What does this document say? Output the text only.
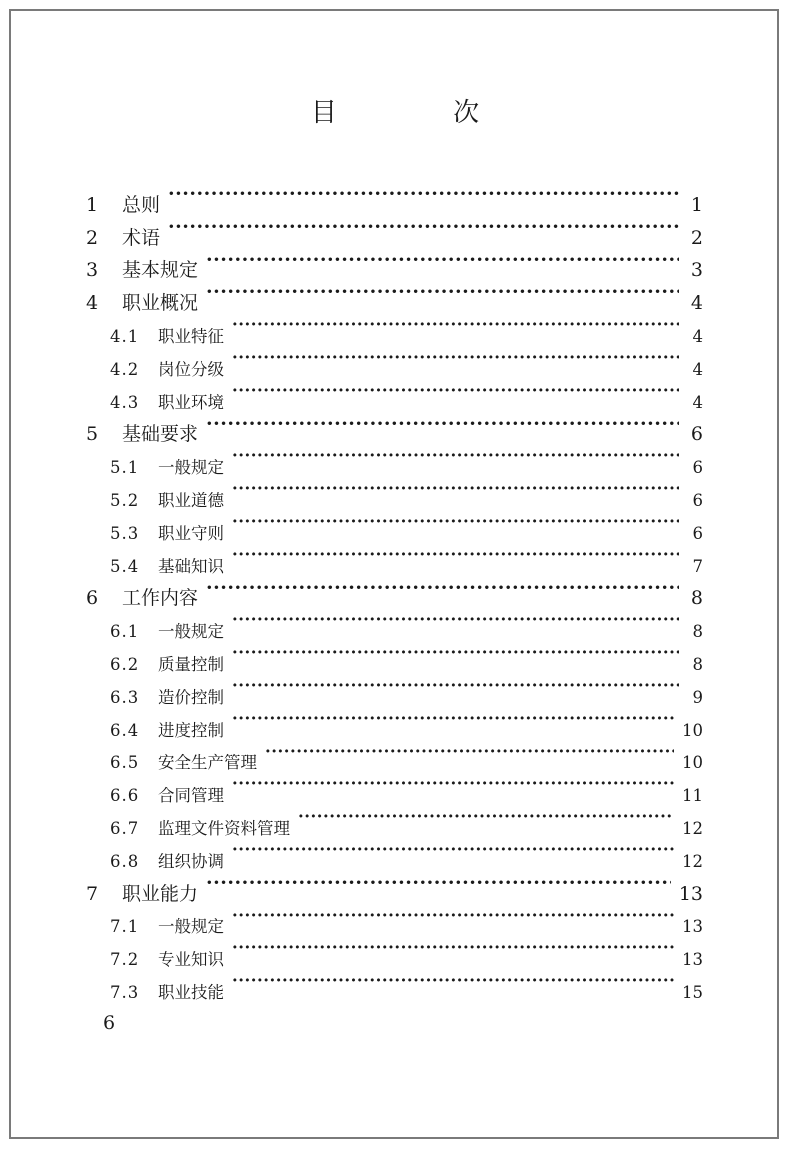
目 次
1	总则 ·····	1
2	术语 ·····	2
3	基本规定 ·····	3
4	职业概况 ·····	4
4.1	职业特征 ·····	4
4.2	岗位分级 ·····	4
4.3	职业环境 ·····	4
5	基础要求 ·····	6
5.1	一般规定 ·····	6
5.2	职业道德 ·····	6
5.3	职业守则 ·····	6
5.4	基础知识 ·····	7
6	工作内容 ·····	8
6.1	一般规定 ·····	8
6.2	质量控制 ·····	8
6.3	造价控制 ·····	9
6.4	进度控制 ·····	10
6.5	安全生产管理 ·····	10
6.6	合同管理 ·····	11
6.7	监理文件资料管理 ·····	12
6.8	组织协调 ·····	12
7	职业能力 ·····	13
7.1	一般规定 ·····	13
7.2	专业知识 ·····	13
7.3	职业技能 ·····	15
6
